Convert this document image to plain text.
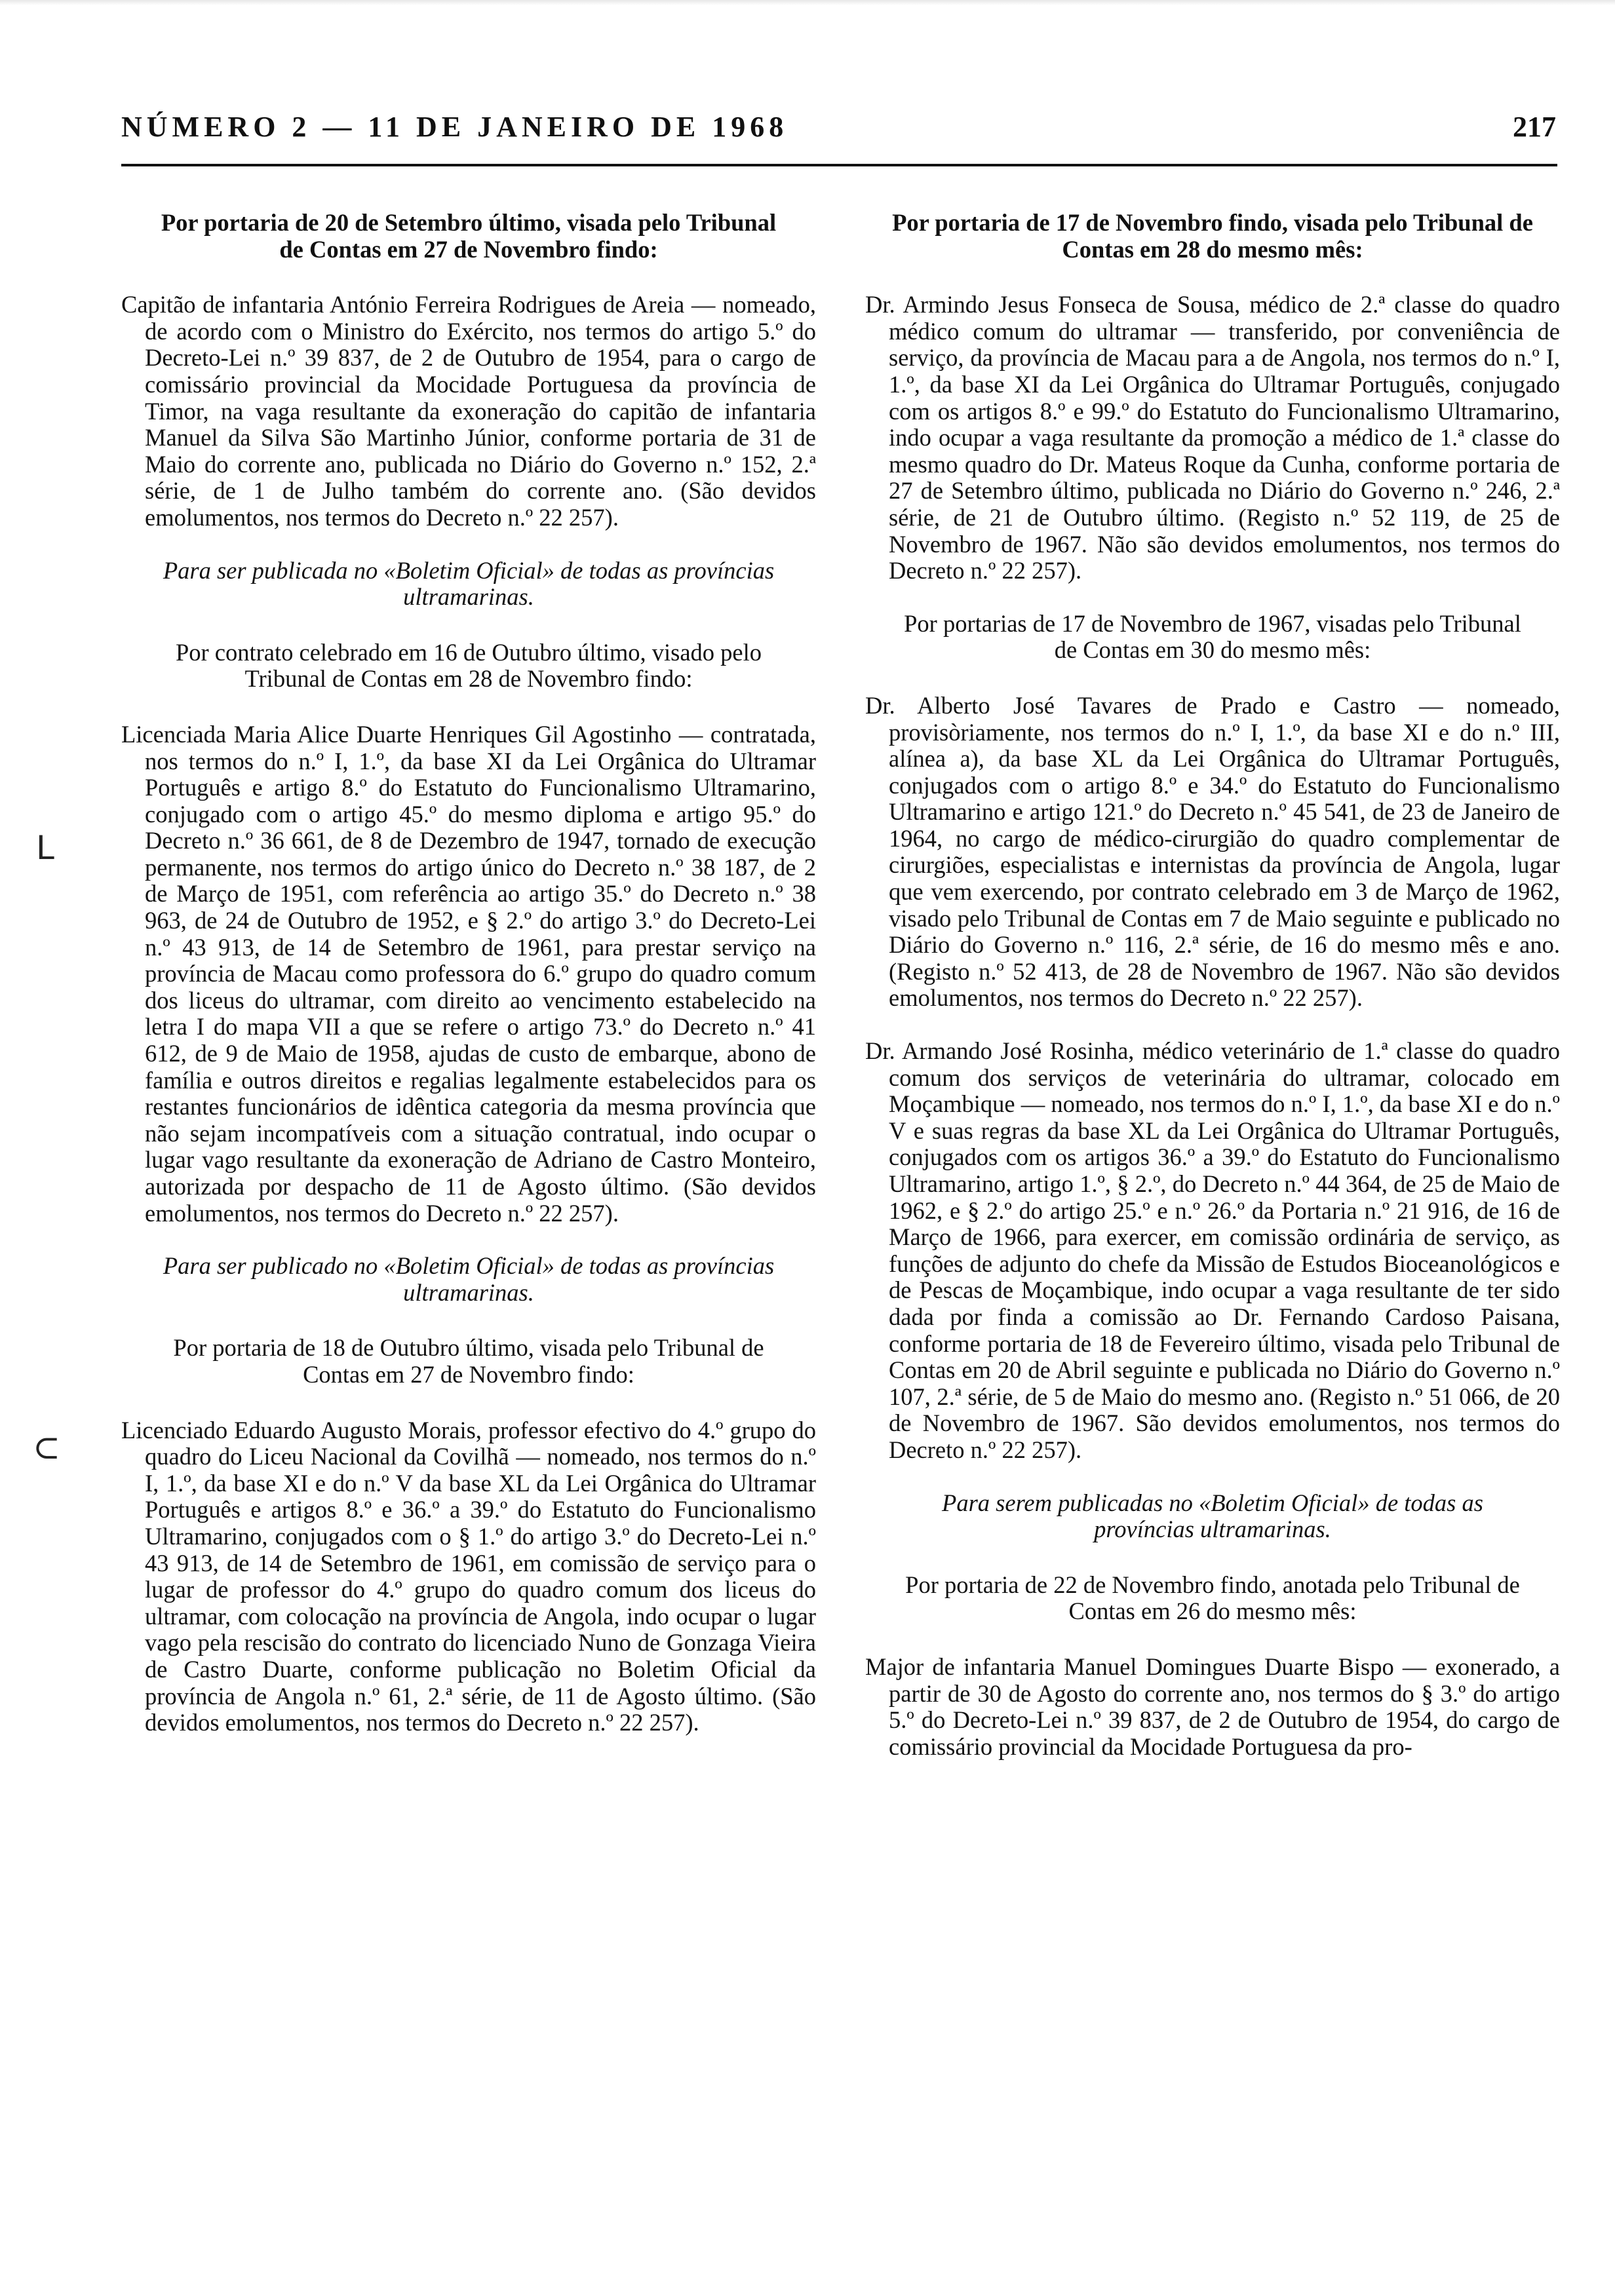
NÚMERO 2 — 11 DE JANEIRO DE 1968	217
ᒪ
⊂

Por portaria de 20 de Setembro último, visada pelo Tribunal de Contas em 27 de Novembro findo:

Capitão de infantaria António Ferreira Rodrigues de Areia — nomeado, de acordo com o Ministro do Exército, nos termos do artigo 5.º do Decreto-Lei n.º 39 837, de 2 de Outubro de 1954, para o cargo de comissário provincial da Mocidade Portuguesa da província de Timor, na vaga resultante da exoneração do capitão de infantaria Manuel da Silva São Martinho Júnior, conforme portaria de 31 de Maio do corrente ano, publicada no Diário do Governo n.º 152, 2.ª série, de 1 de Julho também do corrente ano. (São devidos emolumentos, nos termos do Decreto n.º 22 257).

Para ser publicada no «Boletim Oficial» de todas as províncias ultramarinas.

Por contrato celebrado em 16 de Outubro último, visado pelo Tribunal de Contas em 28 de Novembro findo:

Licenciada Maria Alice Duarte Henriques Gil Agostinho — contratada, nos termos do n.º I, 1.º, da base XI da Lei Orgânica do Ultramar Português e artigo 8.º do Estatuto do Funcionalismo Ultramarino, conjugado com o artigo 45.º do mesmo diploma e artigo 95.º do Decreto n.º 36 661, de 8 de Dezembro de 1947, tornado de execução permanente, nos termos do artigo único do Decreto n.º 38 187, de 2 de Março de 1951, com referência ao artigo 35.º do Decreto n.º 38 963, de 24 de Outubro de 1952, e § 2.º do artigo 3.º do Decreto-Lei n.º 43 913, de 14 de Setembro de 1961, para prestar serviço na província de Macau como professora do 6.º grupo do quadro comum dos liceus do ultramar, com direito ao vencimento estabelecido na letra I do mapa VII a que se refere o artigo 73.º do Decreto n.º 41 612, de 9 de Maio de 1958, ajudas de custo de embarque, abono de família e outros direitos e regalias legalmente estabelecidos para os restantes funcionários de idêntica categoria da mesma província que não sejam incompatíveis com a situação contratual, indo ocupar o lugar vago resultante da exoneração de Adriano de Castro Monteiro, autorizada por despacho de 11 de Agosto último. (São devidos emolumentos, nos termos do Decreto n.º 22 257).

Para ser publicado no «Boletim Oficial» de todas as províncias ultramarinas.

Por portaria de 18 de Outubro último, visada pelo Tribunal de Contas em 27 de Novembro findo:

Licenciado Eduardo Augusto Morais, professor efectivo do 4.º grupo do quadro do Liceu Nacional da Covilhã — nomeado, nos termos do n.º I, 1.º, da base XI e do n.º V da base XL da Lei Orgânica do Ultramar Português e artigos 8.º e 36.º a 39.º do Estatuto do Funcionalismo Ultramarino, conjugados com o § 1.º do artigo 3.º do Decreto-Lei n.º 43 913, de 14 de Setembro de 1961, em comissão de serviço para o lugar de professor do 4.º grupo do quadro comum dos liceus do ultramar, com colocação na província de Angola, indo ocupar o lugar vago pela rescisão do contrato do licenciado Nuno de Gonzaga Vieira de Castro Duarte, conforme publicação no Boletim Oficial da província de Angola n.º 61, 2.ª série, de 11 de Agosto último. (São devidos emolumentos, nos termos do Decreto n.º 22 257).

Por portaria de 17 de Novembro findo, visada pelo Tribunal de Contas em 28 do mesmo mês:

Dr. Armindo Jesus Fonseca de Sousa, médico de 2.ª classe do quadro médico comum do ultramar — transferido, por conveniência de serviço, da província de Macau para a de Angola, nos termos do n.º I, 1.º, da base XI da Lei Orgânica do Ultramar Português, conjugado com os artigos 8.º e 99.º do Estatuto do Funcionalismo Ultramarino, indo ocupar a vaga resultante da promoção a médico de 1.ª classe do mesmo quadro do Dr. Mateus Roque da Cunha, conforme portaria de 27 de Setembro último, publicada no Diário do Governo n.º 246, 2.ª série, de 21 de Outubro último. (Registo n.º 52 119, de 25 de Novembro de 1967. Não são devidos emolumentos, nos termos do Decreto n.º 22 257).

Por portarias de 17 de Novembro de 1967, visadas pelo Tribunal de Contas em 30 do mesmo mês:

Dr. Alberto José Tavares de Prado e Castro — nomeado, provisòriamente, nos termos do n.º I, 1.º, da base XI e do n.º III, alínea a), da base XL da Lei Orgânica do Ultramar Português, conjugados com o artigo 8.º e 34.º do Estatuto do Funcionalismo Ultramarino e artigo 121.º do Decreto n.º 45 541, de 23 de Janeiro de 1964, no cargo de médico-cirurgião do quadro complementar de cirurgiões, especialistas e internistas da província de Angola, lugar que vem exercendo, por contrato celebrado em 3 de Março de 1962, visado pelo Tribunal de Contas em 7 de Maio seguinte e publicado no Diário do Governo n.º 116, 2.ª série, de 16 do mesmo mês e ano. (Registo n.º 52 413, de 28 de Novembro de 1967. Não são devidos emolumentos, nos termos do Decreto n.º 22 257).

Dr. Armando José Rosinha, médico veterinário de 1.ª classe do quadro comum dos serviços de veterinária do ultramar, colocado em Moçambique — nomeado, nos termos do n.º I, 1.º, da base XI e do n.º V e suas regras da base XL da Lei Orgânica do Ultramar Português, conjugados com os artigos 36.º a 39.º do Estatuto do Funcionalismo Ultramarino, artigo 1.º, § 2.º, do Decreto n.º 44 364, de 25 de Maio de 1962, e § 2.º do artigo 25.º e n.º 26.º da Portaria n.º 21 916, de 16 de Março de 1966, para exercer, em comissão ordinária de serviço, as funções de adjunto do chefe da Missão de Estudos Bioceanológicos e de Pescas de Moçambique, indo ocupar a vaga resultante de ter sido dada por finda a comissão ao Dr. Fernando Cardoso Paisana, conforme portaria de 18 de Fevereiro último, visada pelo Tribunal de Contas em 20 de Abril seguinte e publicada no Diário do Governo n.º 107, 2.ª série, de 5 de Maio do mesmo ano. (Registo n.º 51 066, de 20 de Novembro de 1967. São devidos emolumentos, nos termos do Decreto n.º 22 257).

Para serem publicadas no «Boletim Oficial» de todas as províncias ultramarinas.

Por portaria de 22 de Novembro findo, anotada pelo Tribunal de Contas em 26 do mesmo mês:

Major de infantaria Manuel Domingues Duarte Bispo — exonerado, a partir de 30 de Agosto do corrente ano, nos termos do § 3.º do artigo 5.º do Decreto-Lei n.º 39 837, de 2 de Outubro de 1954, do cargo de comissário provincial da Mocidade Portuguesa da pro-
